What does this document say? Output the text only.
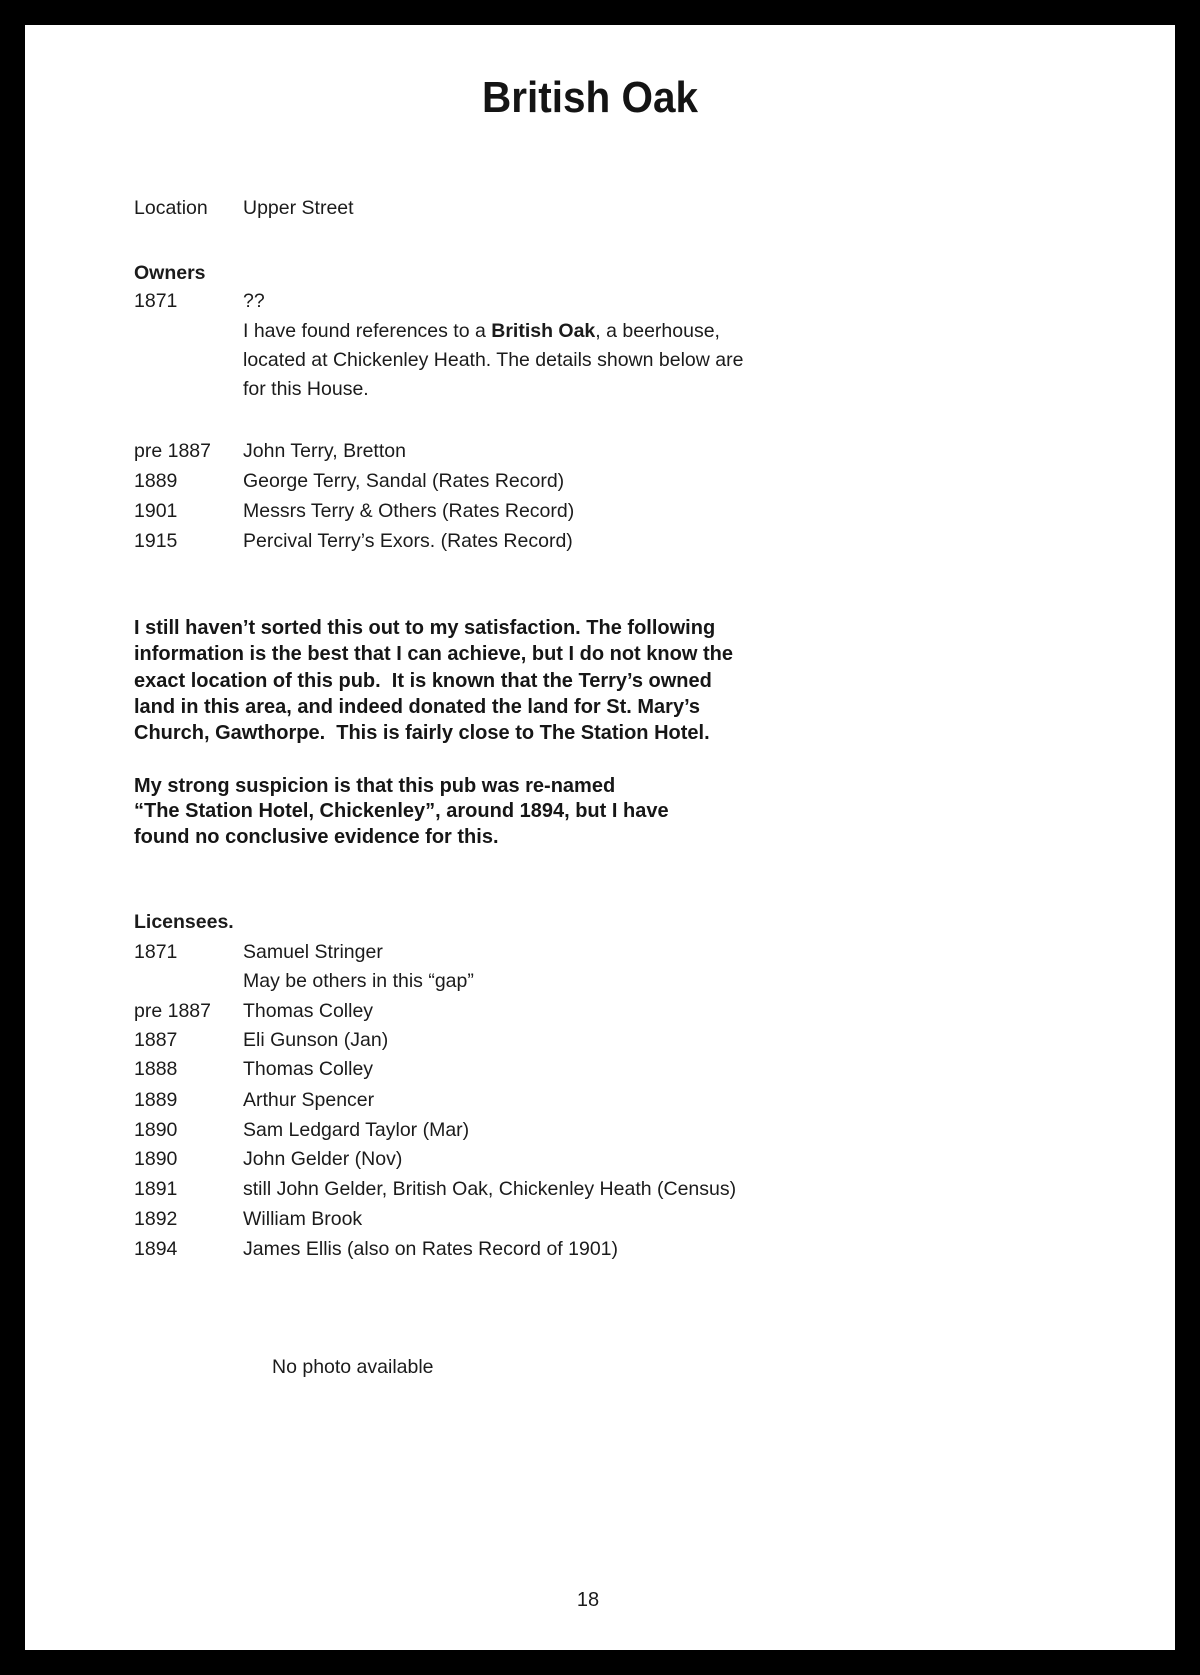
British Oak
Location Upper Street
Owners
1871	??
I have found references to a British Oak, a beerhouse,
located at Chickenley Heath. The details shown below are
for this House.
pre 1887 John Terry, Bretton
1889	George Terry, Sandal (Rates Record)
1901	Messrs Terry & Others (Rates Record)
1915	Percival Terry’s Exors. (Rates Record)
I still haven’t sorted this out to my satisfaction. The following
information is the best that I can achieve, but I do not know the
exact location of this pub.  It is known that the Terry’s owned
land in this area, and indeed donated the land for St. Mary’s
Church, Gawthorpe.  This is fairly close to The Station Hotel.
My strong suspicion is that this pub was re-named
“The Station Hotel, Chickenley”, around 1894, but I have
found no conclusive evidence for this.
Licensees.
1871	Samuel Stringer
May be others in this “gap”
pre 1887 Thomas Colley
1887	Eli Gunson (Jan)
1888	Thomas Colley
1889	Arthur Spencer
1890	Sam Ledgard Taylor (Mar)
1890	John Gelder (Nov)
1891	still John Gelder, British Oak, Chickenley Heath (Census)
1892	William Brook
1894	James Ellis (also on Rates Record of 1901)
No photo available
18
